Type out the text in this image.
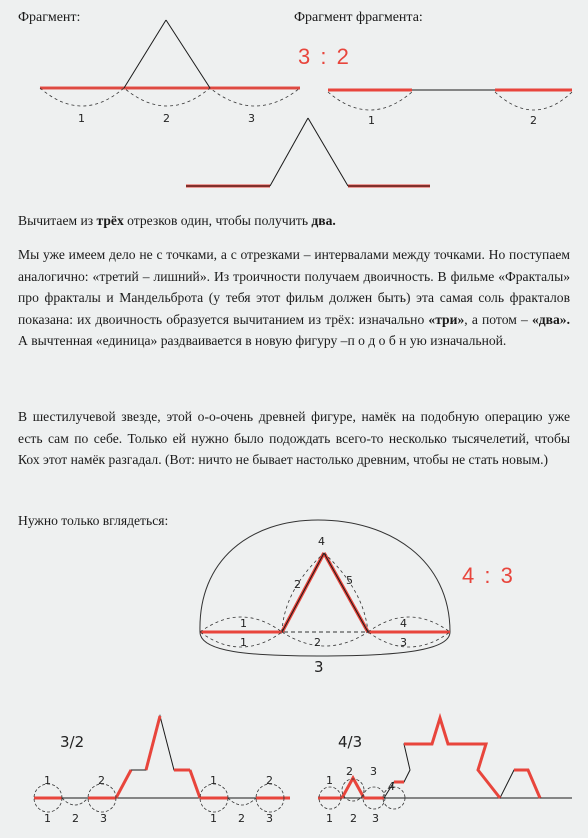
Фрагмент:	Фрагмент фрагмента:
3 : 2
4 : 3
1	2	3	1	2
4
2	5
1
1	2
4
3
3
3/2
1	2	1	2
1 2 3	1 2 3
4/3
1
2 3
4
1 2 3

Вычитаем из трёх отрезков один, чтобы получить два.

Мы уже имеем дело не с точками, а с отрезками – интервалами между точками. Но поступаем аналогично: «третий – лишний». Из троичности получаем двоичность. В фильме «Фракталы» про фракталы и Мандельброта (у тебя этот фильм должен быть) эта самая соль фракталов показана: их двоичность образуется вычитанием из трёх: изначально «три», а потом – «два». А вычтенная «единица» раздваивается в новую фигуру –п о д о б н ую изначальной.

В шестилучевой звезде, этой о-о-очень древней фигуре, намёк на подобную операцию уже есть сам по себе. Только ей нужно было подождать всего-то несколько тысячелетий, чтобы Кох этот намёк разгадал. (Вот: ничто не бывает настолько древним, чтобы не стать новым.)

Нужно только вглядеться:
